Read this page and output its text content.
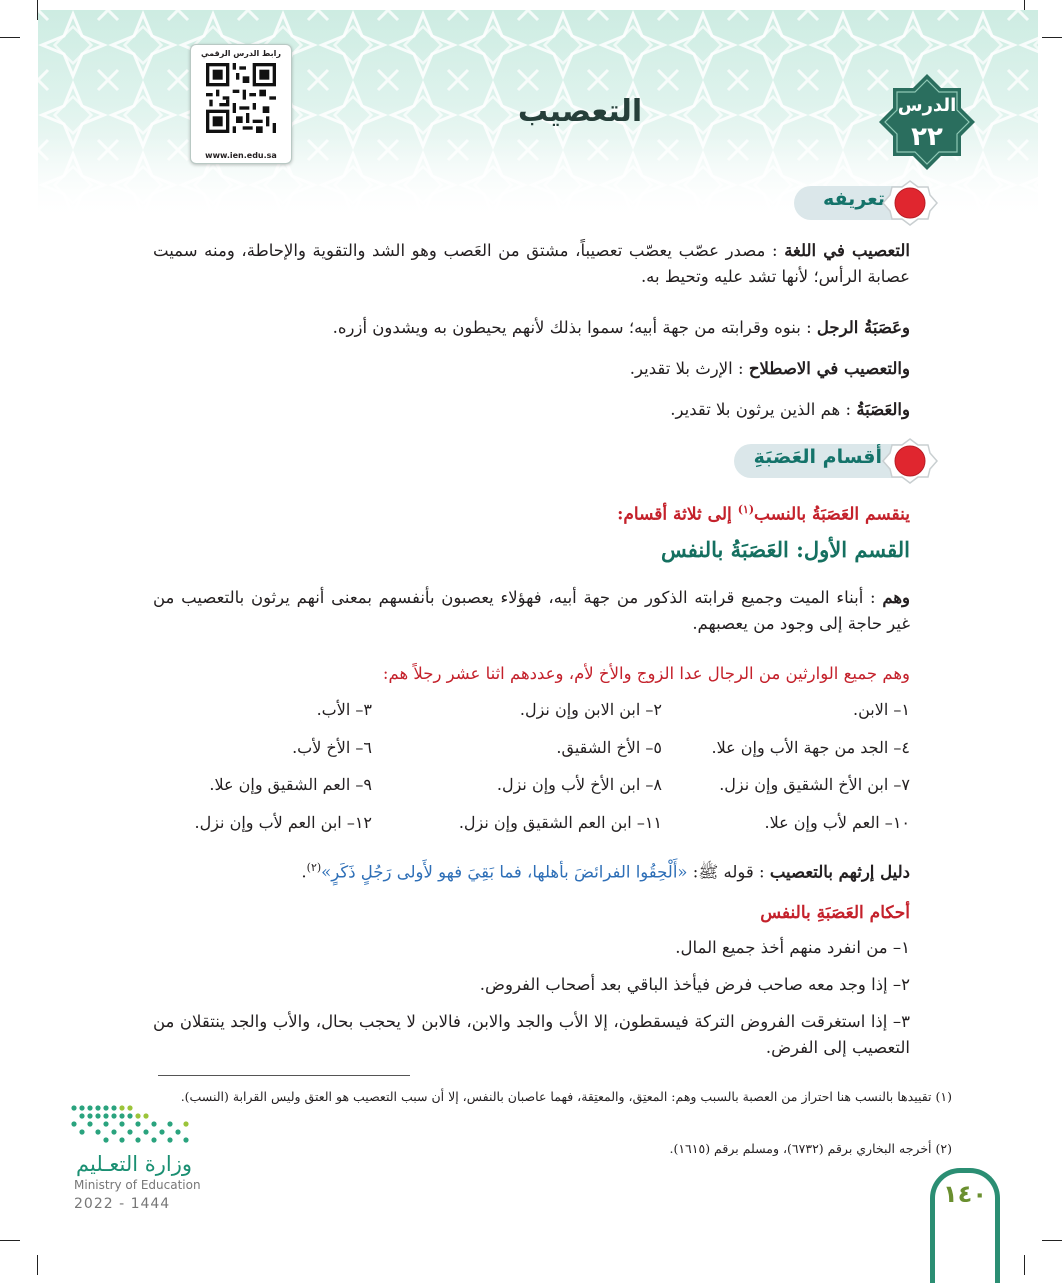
رابط الدرس الرقمي
www.ien.edu.sa
التعصيب	الدرس
٢٢
تعريفه
التعصيب في اللغة : مصدر عصّب يعصّب تعصيباً، مشتق من العَصب وهو الشد والتقوية والإحاطة، ومنه سميت عصابة الرأس؛ لأنها تشد عليه وتحيط به.
وعَصَبَةُ الرجل : بنوه وقرابته من جهة أبيه؛ سموا بذلك لأنهم يحيطون به ويشدون أزره.
والتعصيب في الاصطلاح : الإرث بلا تقدير.
والعَصَبَةُ : هم الذين يرثون بلا تقدير.
أقسام العَصَبَةِ
ينقسم العَصَبَةُ بالنسب$^{(١)}$ إلى ثلاثة أقسام:
القسم الأول: العَصَبَةُ بالنفس
وهم : أبناء الميت وجميع قرابته الذكور من جهة أبيه، فهؤلاء يعصبون بأنفسهم بمعنى أنهم يرثون بالتعصيب من غير حاجة إلى وجود من يعصبهم.
وهم جميع الوارثين من الرجال عدا الزوج والأخ لأم، وعددهم اثنا عشر رجلاً هم:
١– الابن.
٢– ابن الابن وإن نزل.
٣– الأب.
٤– الجد من جهة الأب وإن علا.
٥– الأخ الشقيق.
٦– الأخ لأب.
٧– ابن الأخ الشقيق وإن نزل.
٨– ابن الأخ لأب وإن نزل.
٩– العم الشقيق وإن علا.
١٠– العم لأب وإن علا.
١١– ابن العم الشقيق وإن نزل.
١٢– ابن العم لأب وإن نزل.
دليل إرثهم بالتعصيب : قوله ﷺ: «أَلْحِقُوا الفرائضَ بأهلها، فما بَقِيَ فهو لأَولى رَجُلٍ ذَكَرٍ»$^{(٢)}$.
أحكام العَصَبَةِ بالنفس
١– من انفرد منهم أخذ جميع المال.
٢– إذا وجد معه صاحب فرض فيأخذ الباقي بعد أصحاب الفروض.
٣– إذا استغرقت الفروض التركة فيسقطون، إلا الأب والجد والابن، فالابن لا يحجب بحال، والأب والجد ينتقلان من التعصيب إلى الفرض.
(١) تقييدها بالنسب هنا احتراز من العصبة بالسبب وهم: المعتِق، والمعتِقة، فهما عاصبان بالنفس، إلا أن سبب التعصيب هو العتق وليس القرابة (النسب).
(٢) أخرجه البخاري برقم (٦٧٣٢)، ومسلم برقم (١٦١٥).
وزارة التعـليم
Ministry of Education
2022 - 1444	١٤٠
